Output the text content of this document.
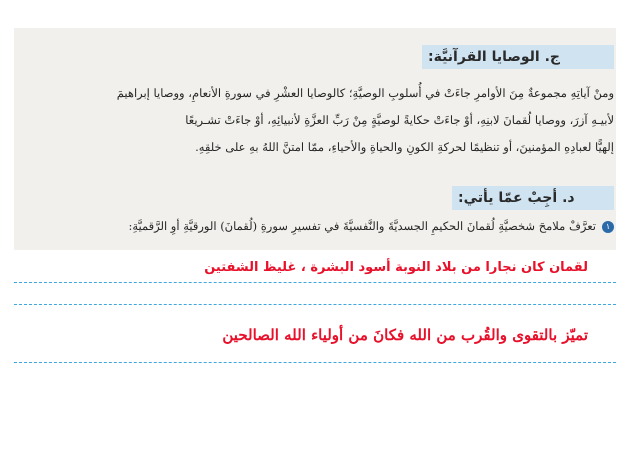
ج. الوصايا القرآنيَّة:
ومنْ آياتِهِ مجموعةٌ مِنَ الأوامرِ جاءَتْ في أُسلوبِ الوصيَّةِ؛ كالوصايا العشْرِ في سورةِ الأنعامِ، ووصايا إبراهيمَ
لأبيـهِ آزرَ، ووصايا لُقمانَ لابنِهِ، أوْ جاءَتْ حكايةً لوصيَّةٍ مِنْ رَبِّ العزَّةِ لأنبيائِهِ، أوْ جاءَتْ تشـريعًا
إلهيًّا لعبادِهِ المؤمنينَ، أو تنظيمًا لحركةِ الكونِ والحياةِ والأحياءِ، ممّا امتنَّ اللهُ بهِ على خلقِهِ.
د. أجِبْ عمّا يأتي:
١تعرَّفْ ملامحَ شخصيَّةِ لُقمانَ الحكيمِ الجسديَّةَ والنَّفسيَّةَ في تفسيرِ سورةِ (لُقمانَ) الورقيَّةِ أوِ الرَّقميَّةِ:
لقمان كان نجارا من بلاد النوبة أسود البشرة ، غليظ الشفتين
تميّز بالتقوى والقُرب من الله فكانَ من أولياء الله الصالحين
